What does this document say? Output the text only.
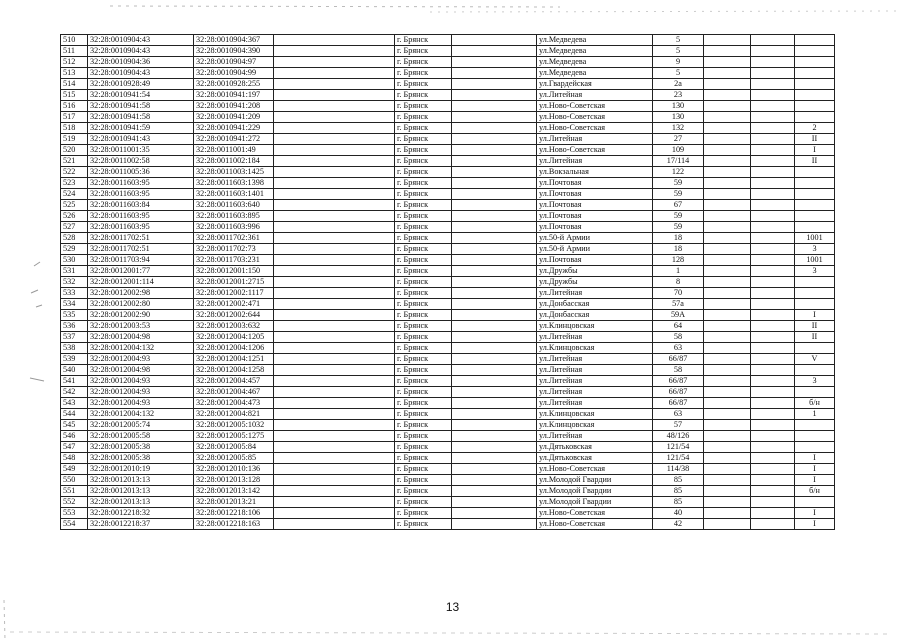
510	32:28:0010904:43	32:28:0010904:367		г. Брянск		ул.Медведева	5			
511	32:28:0010904:43	32:28:0010904:390		г. Брянск		ул.Медведева	5			
512	32:28:0010904:36	32:28:0010904:97		г. Брянск		ул.Медведева	9			
513	32:28:0010904:43	32:28:0010904:99		г. Брянск		ул.Медведева	5			
514	32:28:0010928:49	32:28:0010928:255		г. Брянск		ул.Гвардейская	2а			
515	32:28:0010941:54	32:28:0010941:197		г. Брянск		ул.Литейная	23			
516	32:28:0010941:58	32:28:0010941:208		г. Брянск		ул.Ново-Советская	130			
517	32:28:0010941:58	32:28:0010941:209		г. Брянск		ул.Ново-Советская	130			
518	32:28:0010941:59	32:28:0010941:229		г. Брянск		ул.Ново-Советская	132			2
519	32:28:0010941:43	32:28:0010941:272		г. Брянск		ул.Литейная	27			II
520	32:28:0011001:35	32:28:0011001:49		г. Брянск		ул.Ново-Советская	109			I
521	32:28:0011002:58	32:28:0011002:184		г. Брянск		ул.Литейная	17/114			II
522	32:28:0011005:36	32:28:0011003:1425		г. Брянск		ул.Вокзальная	122			
523	32:28:0011603:95	32:28:0011603:1398		г. Брянск		ул.Почтовая	59			
524	32:28:0011603:95	32:28:0011603:1401		г. Брянск		ул.Почтовая	59			
525	32:28:0011603:84	32:28:0011603:640		г. Брянск		ул.Почтовая	67			
526	32:28:0011603:95	32:28:0011603:895		г. Брянск		ул.Почтовая	59			
527	32:28:0011603:95	32:28:0011603:996		г. Брянск		ул.Почтовая	59			
528	32:28:0011702:51	32:28:0011702:361		г. Брянск		ул.50-й Армии	18			1001
529	32:28:0011702:51	32:28:0011702:73		г. Брянск		ул.50-й Армии	18			3
530	32:28:0011703:94	32:28:0011703:231		г. Брянск		ул.Почтовая	128			1001
531	32:28:0012001:77	32:28:0012001:150		г. Брянск		ул.Дружбы	1			3
532	32:28:0012001:114	32:28:0012001:2715		г. Брянск		ул.Дружбы	8			
533	32:28:0012002:98	32:28:0012002:1117		г. Брянск		ул.Литейная	70			
534	32:28:0012002:80	32:28:0012002:471		г. Брянск		ул.Донбасская	57а			
535	32:28:0012002:90	32:28:0012002:644		г. Брянск		ул.Донбасская	59А			I
536	32:28:0012003:53	32:28:0012003:632		г. Брянск		ул.Клинцовская	64			II
537	32:28:0012004:98	32:28:0012004:1205		г. Брянск		ул.Литейная	58			II
538	32:28:0012004:132	32:28:0012004:1206		г. Брянск		ул.Клинцовская	63			
539	32:28:0012004:93	32:28:0012004:1251		г. Брянск		ул.Литейная	66/87			V
540	32:28:0012004:98	32:28:0012004:1258		г. Брянск		ул.Литейная	58			
541	32:28:0012004:93	32:28:0012004:457		г. Брянск		ул.Литейная	66/87			3
542	32:28:0012004:93	32:28:0012004:467		г. Брянск		ул.Литейная	66/87			
543	32:28:0012004:93	32:28:0012004:473		г. Брянск		ул.Литейная	66/87			б/н
544	32:28:0012004:132	32:28:0012004:821		г. Брянск		ул.Клинцовская	63			1
545	32:28:0012005:74	32:28:0012005:1032		г. Брянск		ул.Клинцовская	57			
546	32:28:0012005:58	32:28:0012005:1275		г. Брянск		ул.Литейная	48/126			
547	32:28:0012005:38	32:28:0012005:84		г. Брянск		ул.Дятьковская	121/54			
548	32:28:0012005:38	32:28:0012005:85		г. Брянск		ул.Дятьковская	121/54			I
549	32:28:0012010:19	32:28:0012010:136		г. Брянск		ул.Ново-Советская	114/38			I
550	32:28:0012013:13	32:28:0012013:128		г. Брянск		ул.Молодой Гвардии	85			I
551	32:28:0012013:13	32:28:0012013:142		г. Брянск		ул.Молодой Гвардии	85			б/н
552	32:28:0012013:13	32:28:0012013:21		г. Брянск		ул.Молодой Гвардии	85			
553	32:28:0012218:32	32:28:0012218:106		г. Брянск		ул.Ново-Советская	40			I
554	32:28:0012218:37	32:28:0012218:163		г. Брянск		ул.Ново-Советская	42			I
13
